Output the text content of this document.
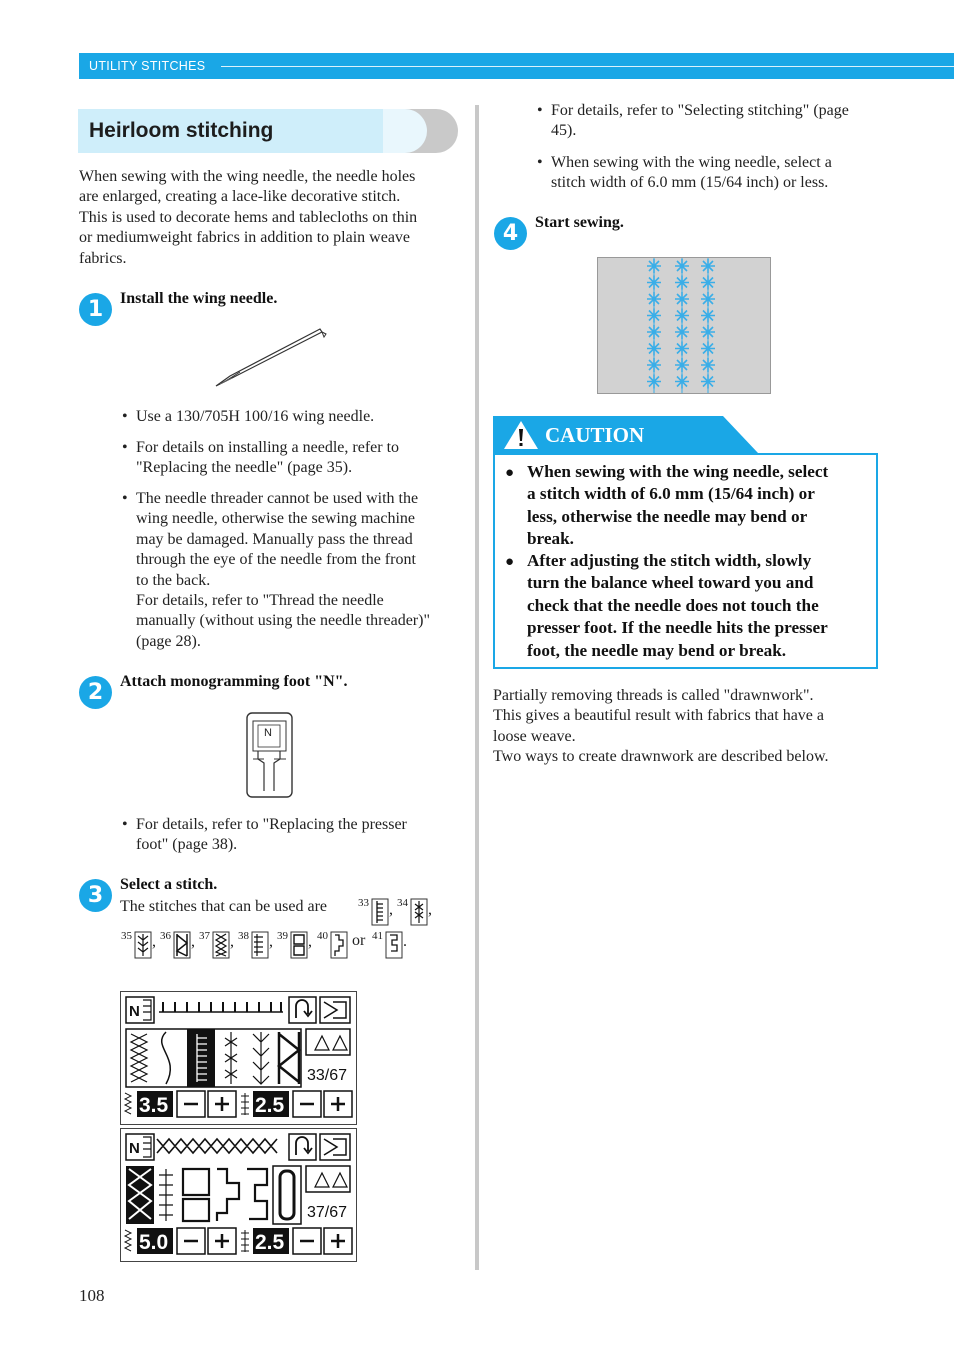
UTILITY STITCHES
Heirloom stitching
When sewing with the wing needle, the needle holes
are enlarged, creating a lace-like decorative stitch.
This is used to decorate hems and tablecloths on thin
or mediumweight fabrics in addition to plain weave
fabrics.
1	Install the wing needle.
• Use a 130/705H 100/16 wing needle.
• For details on installing a needle, refer to
"Replacing the needle" (page 35).
• The needle threader cannot be used with the
wing needle, otherwise the sewing machine
may be damaged. Manually pass the thread
through the eye of the needle from the front
to the back.
For details, refer to "Thread the needle
manually (without using the needle threader)"
(page 28).
2	Attach monogramming foot "N".
N
• For details, refer to "Replacing the presser
foot" (page 38).
3	Select a stitch.
The stitches that can be used are	33 , 34 ,
35 , 36 , 37 , 38 , 39 , 40 or 41 .
N
33/67
3.5	2.5
N
37/67
5.0	2.5
• For details, refer to "Selecting stitching" (page
45).
• When sewing with the wing needle, select a
stitch width of 6.0 mm (15/64 inch) or less.
4	Start sewing.
CAUTION
● When sewing with the wing needle, select
a stitch width of 6.0 mm (15/64 inch) or
less, otherwise the needle may bend or
break.
● After adjusting the stitch width, slowly
turn the balance wheel toward you and
check that the needle does not touch the
presser foot. If the needle hits the presser
foot, the needle may bend or break.
Partially removing threads is called "drawnwork".
This gives a beautiful result with fabrics that have a
loose weave.
Two ways to create drawnwork are described below.
108
